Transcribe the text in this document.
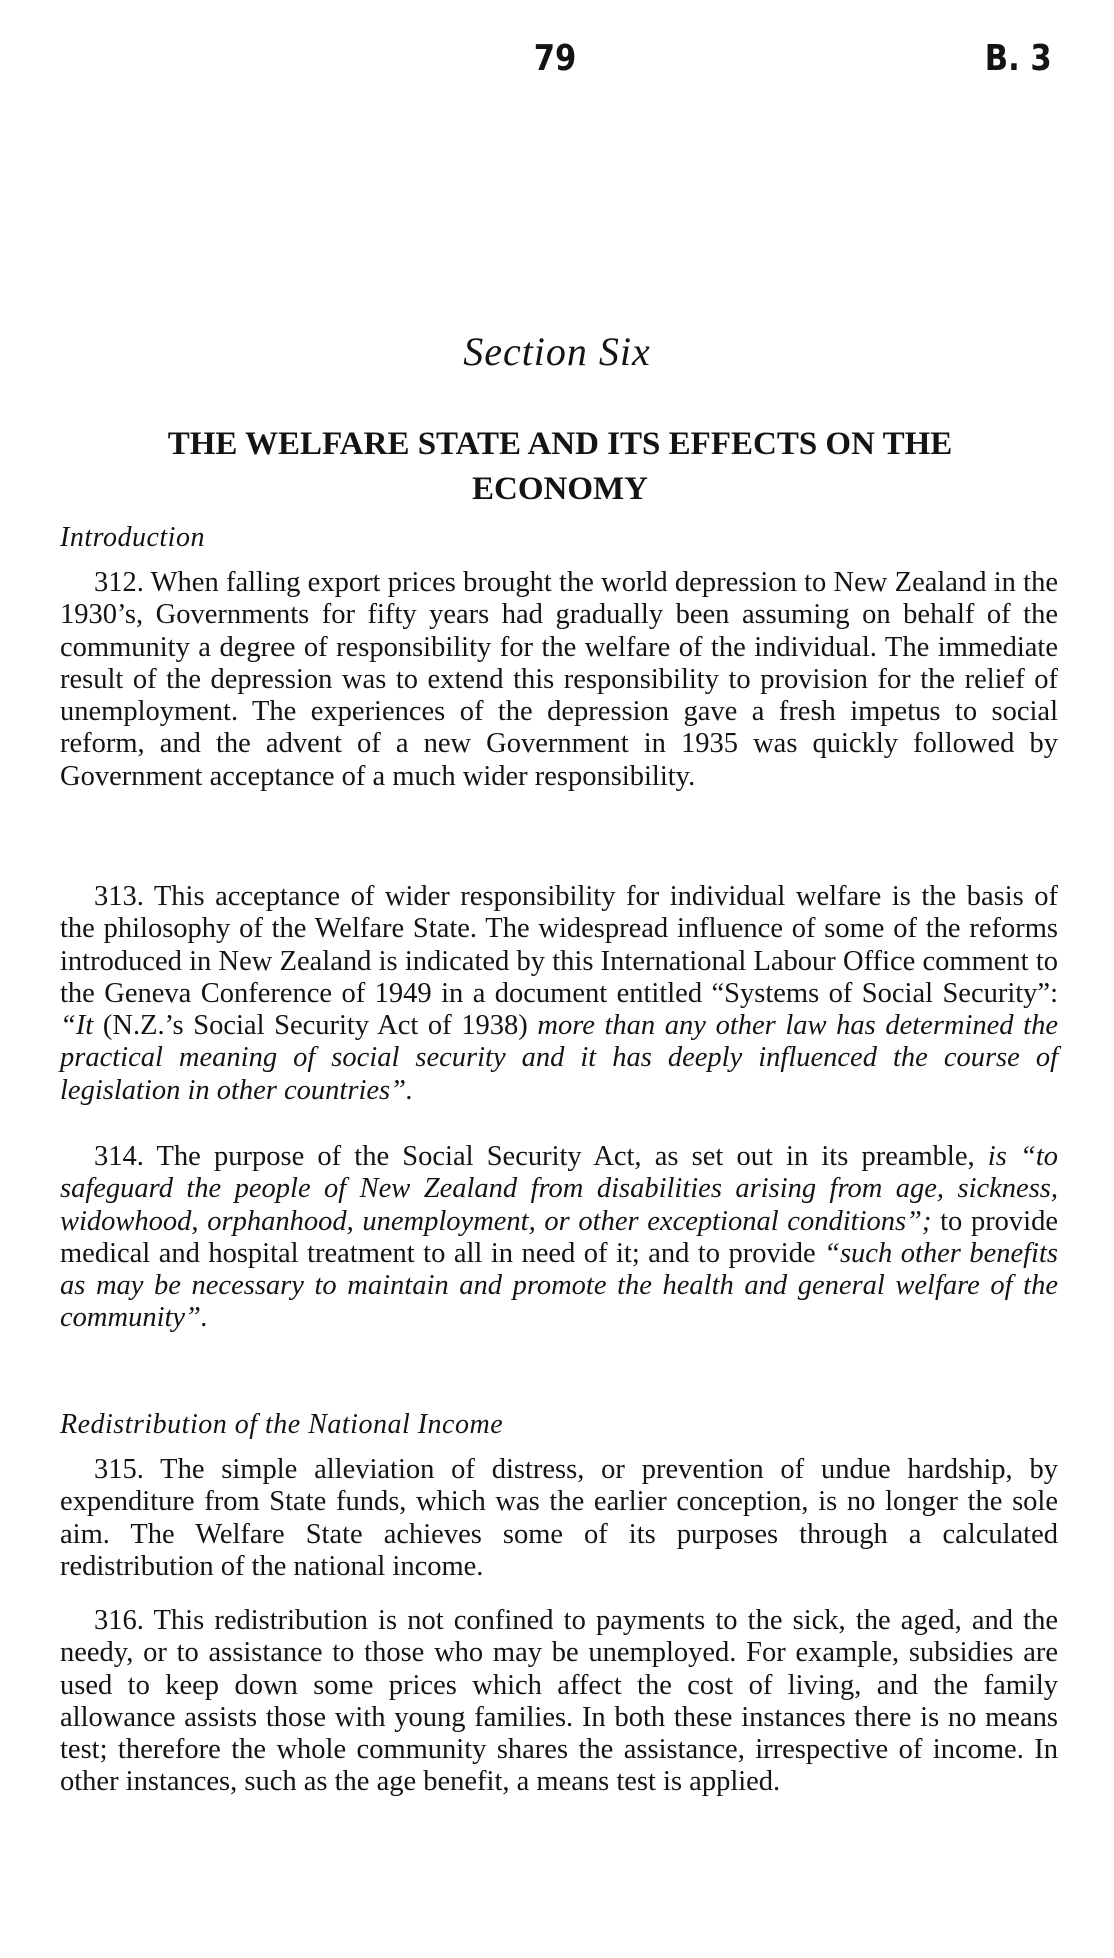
79	B. 3
Section Six
THE WELFARE STATE AND ITS EFFECTS ON THE
ECONOMY
Introduction

312. When falling export prices brought the world depression to New Zealand in the 1930’s, Governments for fifty years had gradually been assuming on behalf of the community a degree of responsibility for the welfare of the individual. The immediate result of the depression was to extend this responsibility to provision for the relief of unemployment. The experiences of the depression gave a fresh impetus to social reform, and the advent of a new Government in 1935 was quickly followed by Government acceptance of a much wider responsibility.

313. This acceptance of wider responsibility for individual welfare is the basis of the philosophy of the Welfare State. The widespread influence of some of the reforms introduced in New Zealand is indicated by this International Labour Office comment to the Geneva Conference of 1949 in a document entitled “Systems of Social Security”: “It (N.Z.’s Social Security Act of 1938) more than any other law has determined the practical meaning of social security and it has deeply influenced the course of legislation in other countries”.

314. The purpose of the Social Security Act, as set out in its preamble, is “to safeguard the people of New Zealand from disabilities arising from age, sickness, widowhood, orphanhood, unemployment, or other exceptional conditions”; to provide medical and hospital treatment to all in need of it; and to provide “such other benefits as may be necessary to maintain and promote the health and general welfare of the community”.

Redistribution of the National Income

315. The simple alleviation of distress, or prevention of undue hardship, by expenditure from State funds, which was the earlier conception, is no longer the sole aim. The Welfare State achieves some of its purposes through a calculated redistribution of the national income.

316. This redistribution is not confined to payments to the sick, the aged, and the needy, or to assistance to those who may be unemployed. For example, subsidies are used to keep down some prices which affect the cost of living, and the family allowance assists those with young families. In both these instances there is no means test; therefore the whole community shares the assistance, irrespective of income. In other instances, such as the age benefit, a means test is applied.
